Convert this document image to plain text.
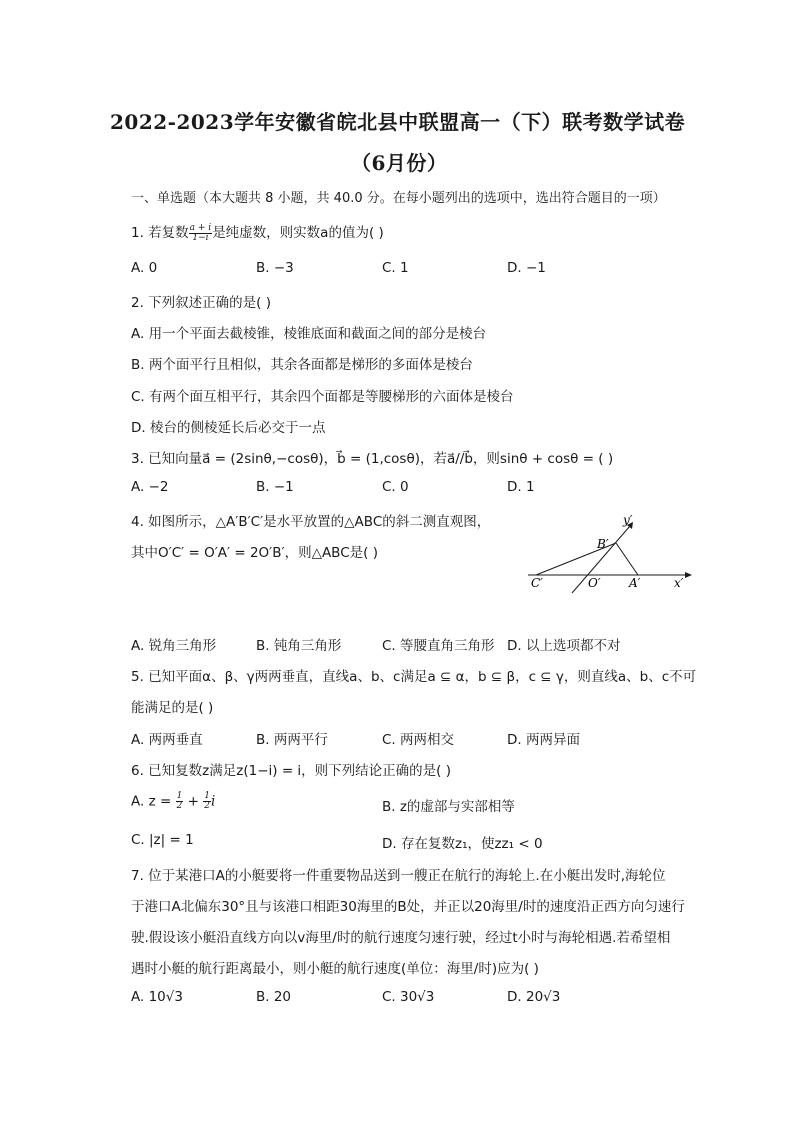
2022-2023学年安徽省皖北县中联盟高一（下）联考数学试卷
（6月份）
一、单选题（本大题共 8 小题，共 40.0 分。在每小题列出的选项中，选出符合题目的一项）
1. 若复数 $\frac{a + i}{1-i}$ 是纯虚数，则实数a的值为( )
A. 0	B. −3	C. 1	D. −1
2. 下列叙述正确的是( )
A. 用一个平面去截棱锥，棱锥底面和截面之间的部分是棱台
B. 两个面平行且相似，其余各面都是梯形的多面体是棱台
C. 有两个面互相平行，其余四个面都是等腰梯形的六面体是棱台
D. 棱台的侧棱延长后必交于一点
3. 已知向量a⃗ = (2sinθ,−cosθ)，b⃗ = (1,cosθ)，若a⃗//b⃗，则sinθ + cosθ = ( )
A. −2	B. −1	C. 0	D. 1
4. 如图所示，△A′B′C′是水平放置的△ABC的斜二测直观图，
其中O′C′ = O′A′ = 2O′B′，则△ABC是( )
y′
x′
B′
C′	O′ A′
A. 锐角三角形	B. 钝角三角形	C. 等腰直角三角形 D. 以上选项都不对
5. 已知平面α、β、γ两两垂直，直线a、b、c满足a ⊆ α，b ⊆ β，c ⊆ γ，则直线a、b、c不可
能满足的是( )
A. 两两垂直	B. 两两平行	C. 两两相交	D. 两两异面
6. 已知复数z满足z(1−i) = i，则下列结论正确的是( )
A. $z = \frac{1}{2} + \frac{1}{2}$ i	B. z的虚部与实部相等
C. |z| = 1	D. 存在复数z₁，使zz₁ < 0
7. 位于某港口A的小艇要将一件重要物品送到一艘正在航行的海轮上.在小艇出发时,海轮位
于港口A北偏东30°且与该港口相距30海里的B处，并正以20海里/时的速度沿正西方向匀速行
驶.假设该小艇沿直线方向以v海里/时的航行速度匀速行驶，经过t小时与海轮相遇.若希望相
遇时小艇的航行距离最小，则小艇的航行速度(单位：海里/时)应为( )
A. 10√3	B. 20	C. 30√3	D. 20√3
